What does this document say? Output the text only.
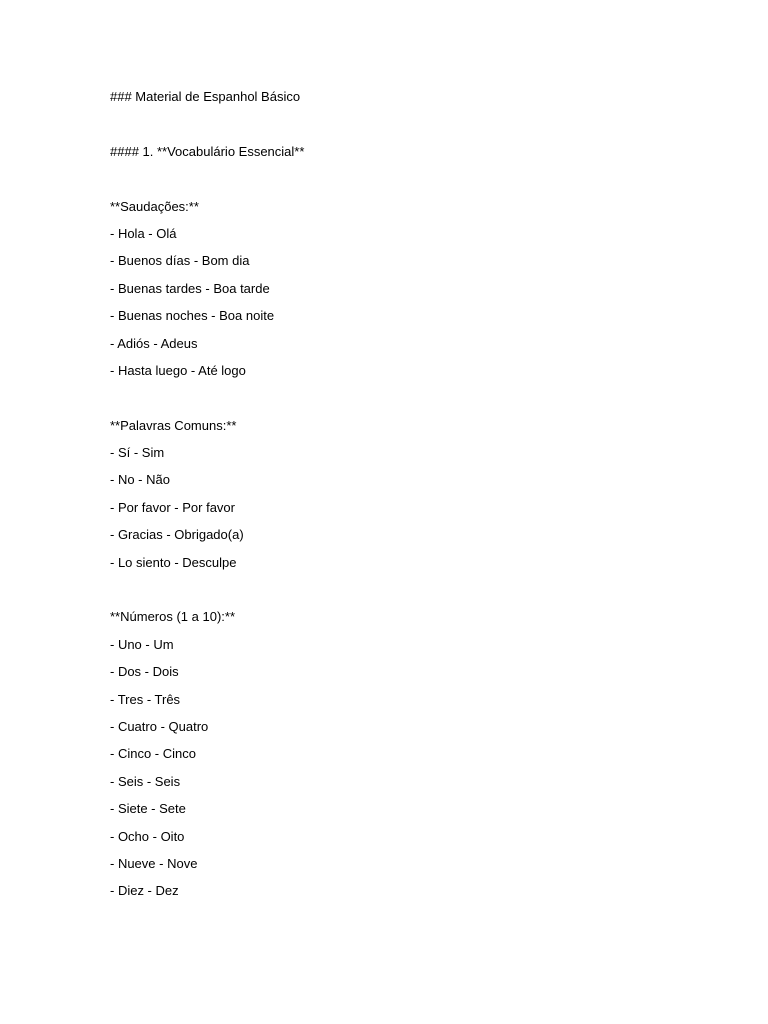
### Material de Espanhol Básico
#### 1. **Vocabulário Essencial**
**Saudações:**
- Hola - Olá
- Buenos días - Bom dia
- Buenas tardes - Boa tarde
- Buenas noches - Boa noite
- Adiós - Adeus
- Hasta luego - Até logo
**Palavras Comuns:**
- Sí - Sim
- No - Não
- Por favor - Por favor
- Gracias - Obrigado(a)
- Lo siento - Desculpe
**Números (1 a 10):**
- Uno - Um
- Dos - Dois
- Tres - Três
- Cuatro - Quatro
- Cinco - Cinco
- Seis - Seis
- Siete - Sete
- Ocho - Oito
- Nueve - Nove
- Diez - Dez
